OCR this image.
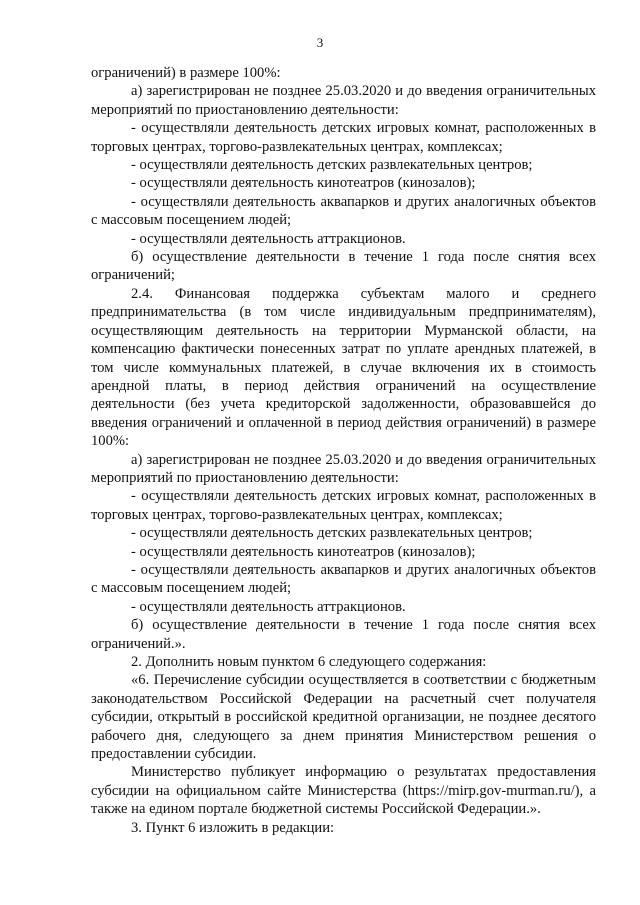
3

ограничений) в размере 100%:

а) зарегистрирован не позднее 25.03.2020 и до введения ограничительных мероприятий по приостановлению деятельности:

- осуществляли деятельность детских игровых комнат, расположенных в торговых центрах, торгово-развлекательных центрах, комплексах;

- осуществляли деятельность детских развлекательных центров;

- осуществляли деятельность кинотеатров (кинозалов);

- осуществляли деятельность аквапарков и других аналогичных объектов с массовым посещением людей;

- осуществляли деятельность аттракционов.

б) осуществление деятельности в течение 1 года после снятия всех ограничений;

2.4. Финансовая поддержка субъектам малого и среднего предпринимательства (в том числе индивидуальным предпринимателям), осуществляющим деятельность на территории Мурманской области, на компенсацию фактически понесенных затрат по уплате арендных платежей, в том числе коммунальных платежей, в случае включения их в стоимость арендной платы, в период действия ограничений на осуществление деятельности (без учета кредиторской задолженности, образовавшейся до введения ограничений и оплаченной в период действия ограничений) в размере 100%:

а) зарегистрирован не позднее 25.03.2020 и до введения ограничительных мероприятий по приостановлению деятельности:

- осуществляли деятельность детских игровых комнат, расположенных в торговых центрах, торгово-развлекательных центрах, комплексах;

- осуществляли деятельность детских развлекательных центров;

- осуществляли деятельность кинотеатров (кинозалов);

- осуществляли деятельность аквапарков и других аналогичных объектов с массовым посещением людей;

- осуществляли деятельность аттракционов.

б) осуществление деятельности в течение 1 года после снятия всех ограничений.».

2. Дополнить новым пунктом 6 следующего содержания:

«6. Перечисление субсидии осуществляется в соответствии с бюджетным законодательством Российской Федерации на расчетный счет получателя субсидии, открытый в российской кредитной организации, не позднее десятого рабочего дня, следующего за днем принятия Министерством решения о предоставлении субсидии.

Министерство публикует информацию о результатах предоставления субсидии на официальном сайте Министерства (https://mirp.gov-murman.ru/), а также на едином портале бюджетной системы Российской Федерации.».

3. Пункт 6 изложить в редакции:
